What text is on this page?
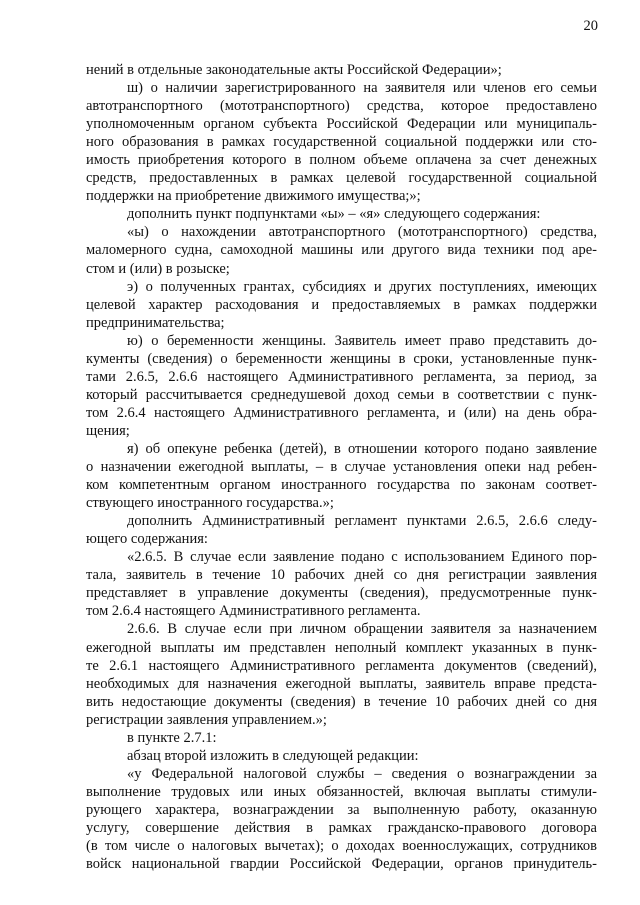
20
нений в отдельные законодательные акты Российской Федерации»;
ш) о наличии зарегистрированного на заявителя или членов его семьи
автотранспортного (мототранспортного) средства, которое предоставлено
уполномоченным органом субъекта Российской Федерации или муниципаль-
ного образования в рамках государственной социальной поддержки или сто-
имость приобретения которого в полном объеме оплачена за счет денежных
средств, предоставленных в рамках целевой государственной социальной
поддержки на приобретение движимого имущества;»;
дополнить пункт подпунктами «ы» – «я» следующего содержания:
«ы) о нахождении автотранспортного (мототранспортного) средства,
маломерного судна, самоходной машины или другого вида техники под аре-
стом и (или) в розыске;
э) о полученных грантах, субсидиях и других поступлениях, имеющих
целевой характер расходования и предоставляемых в рамках поддержки
предпринимательства;
ю) о беременности женщины. Заявитель имеет право представить до-
кументы (сведения) о беременности женщины в сроки, установленные пунк-
тами 2.6.5, 2.6.6 настоящего Административного регламента, за период, за
который рассчитывается среднедушевой доход семьи в соответствии с пунк-
том 2.6.4 настоящего Административного регламента, и (или) на день обра-
щения;
я) об опекуне ребенка (детей), в отношении которого подано заявление
о назначении ежегодной выплаты, – в случае установления опеки над ребен-
ком компетентным органом иностранного государства по законам соответ-
ствующего иностранного государства.»;
дополнить Административный регламент пунктами 2.6.5, 2.6.6 следу-
ющего содержания:
«2.6.5. В случае если заявление подано с использованием Единого пор-
тала, заявитель в течение 10 рабочих дней со дня регистрации заявления
представляет в управление документы (сведения), предусмотренные пунк-
том 2.6.4 настоящего Административного регламента.
2.6.6. В случае если при личном обращении заявителя за назначением
ежегодной выплаты им представлен неполный комплект указанных в пунк-
те 2.6.1 настоящего Административного регламента документов (сведений),
необходимых для назначения ежегодной выплаты, заявитель вправе предста-
вить недостающие документы (сведения) в течение 10 рабочих дней со дня
регистрации заявления управлением.»;
в пункте 2.7.1:
абзац второй изложить в следующей редакции:
«у Федеральной налоговой службы – сведения о вознаграждении за
выполнение трудовых или иных обязанностей, включая выплаты стимули-
рующего характера, вознаграждении за выполненную работу, оказанную
услугу, совершение действия в рамках гражданско-правового договора
(в том числе о налоговых вычетах); о доходах военнослужащих, сотрудников
войск национальной гвардии Российской Федерации, органов принудитель-
